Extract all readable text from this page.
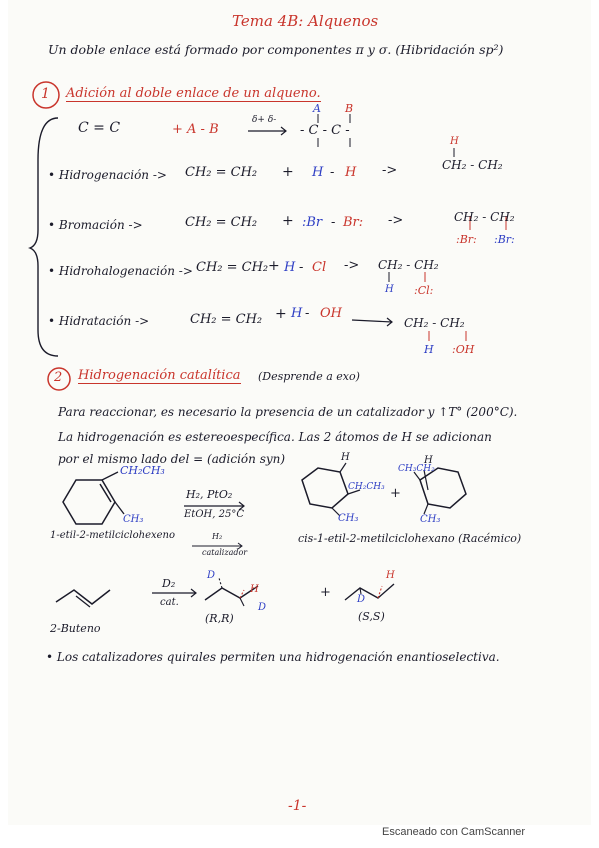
Tema 4B: Alquenos
Un doble enlace está formado por componentes π y σ. (Hibridación sp²)
1 Adición al doble enlace de un alqueno.
C = C	+ A - B
δ+ δ-
A B
- C - C -
• Hidrogenación -> CH₂ = CH₂ + H - H ->
H
CH₂ - CH₂
• Bromación ->	CH₂ = CH₂ + :Br - Br: ->	CH₂ - CH₂
:Br: :Br:
• Hidrohalogenación -> CH₂ = CH₂ + H - Cl -> CH₂ - CH₂
H :Cl:
• Hidratación ->	CH₂ = CH₂ + H - OH
CH₂ - CH₂
H :OH
2 Hidrogenación catalítica (Desprende a exo)
Para reaccionar, es necesario la presencia de un catalizador y ↑T° (200°C).
La hidrogenación es estereoespecífica. Las 2 átomos de H se adicionan
por el mismo lado del = (adición syn)
CH₂CH₃
CH₃
1-etil-2-metilciclohexeno
H₂, PtO₂
EtOH, 25°C
H₂
catalizador
H
CH₂CH₃
CH₃
+
CH₃CH₂
H
CH₃
cis-1-etil-2-metilciclohexano (Racémico)
2-Buteno
D₂
cat.
D
D
H
(R,R)
+	D
H
(S,S)
• Los catalizadores quirales permiten una hidrogenación enantioselectiva.
-1-
Escaneado con CamScanner
